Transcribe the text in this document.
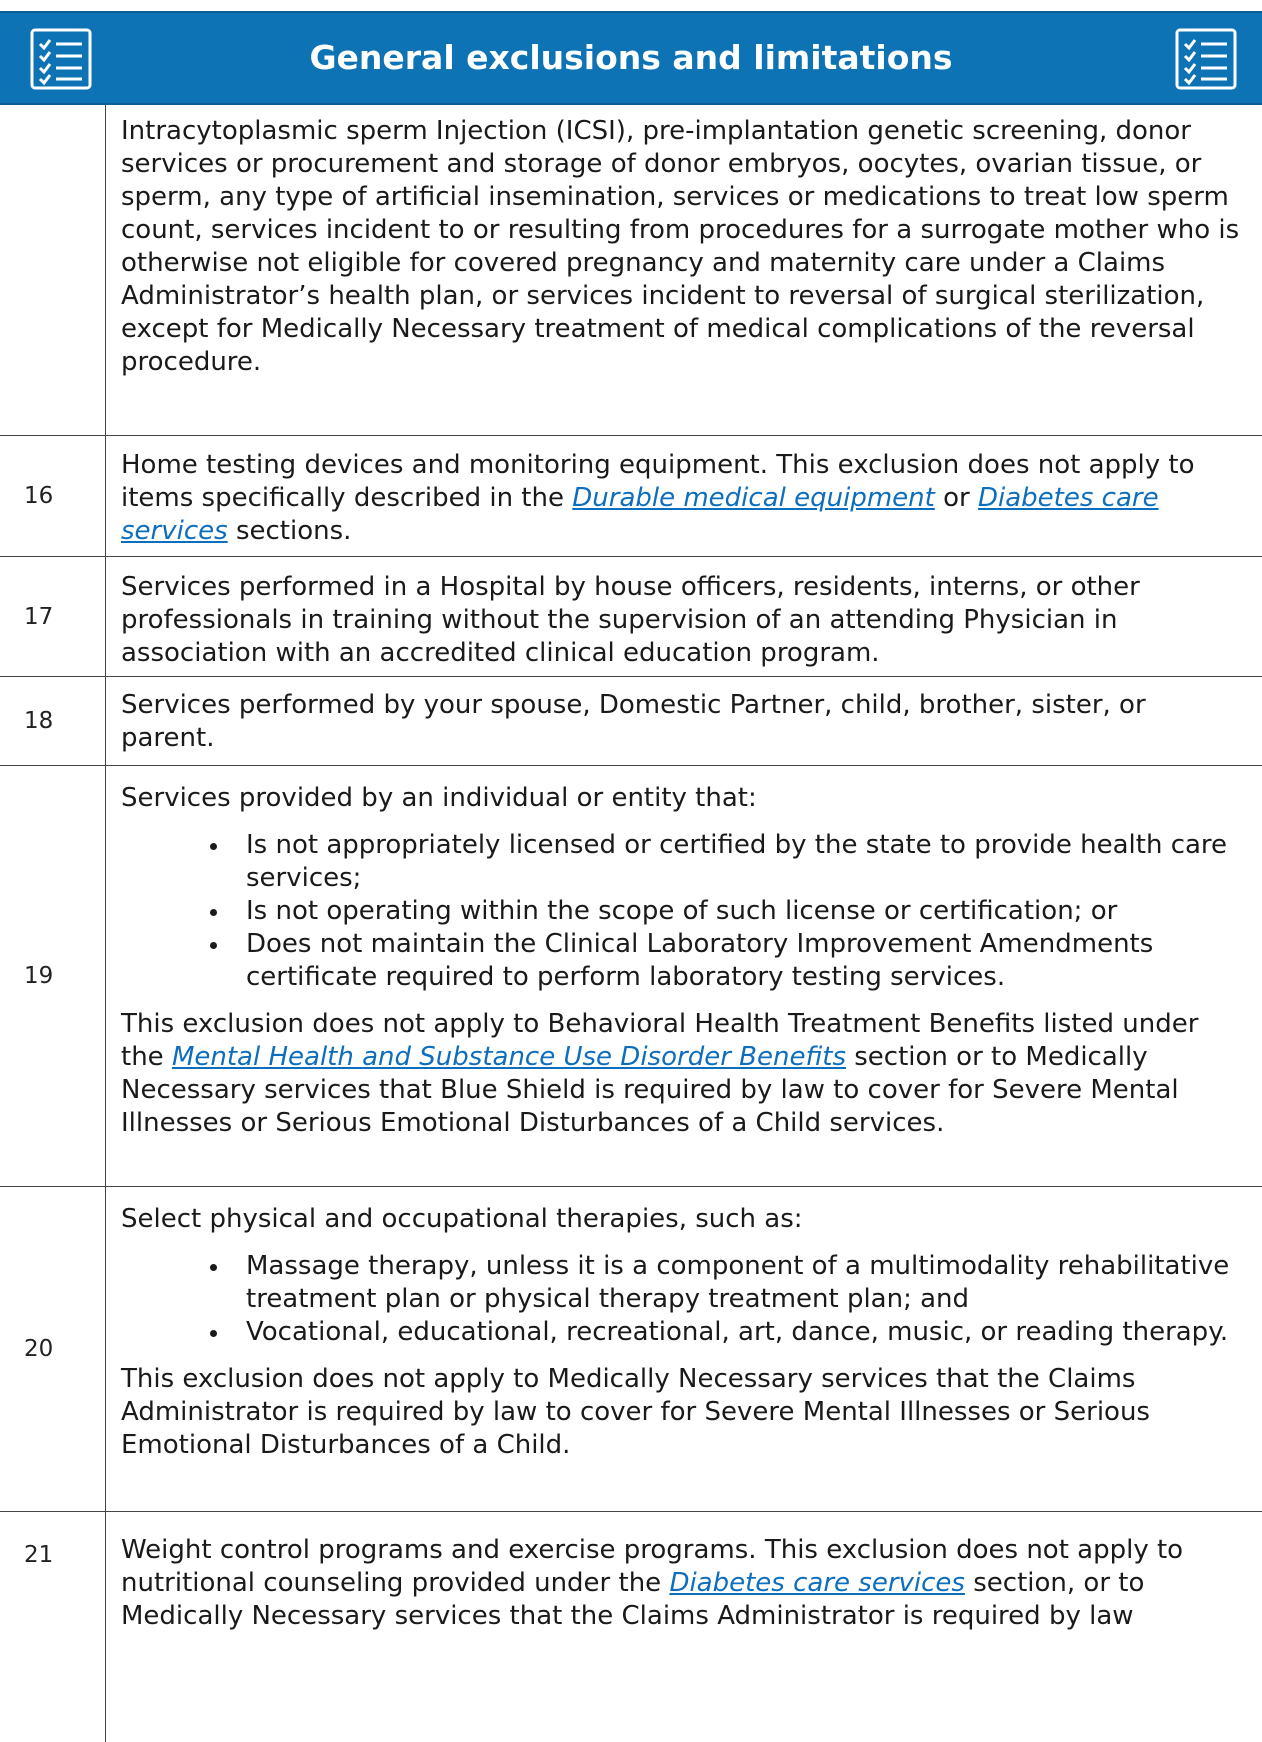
General exclusions and limitations

Intracytoplasmic sperm Injection (ICSI), pre-implantation genetic screening, donor services or procurement and storage of donor embryos, oocytes, ovarian tissue, or sperm, any type of artificial insemination, services or medications to treat low sperm count, services incident to or resulting from procedures for a surrogate mother who is otherwise not eligible for covered pregnancy and maternity care under a Claims Administrator’s health plan, or services incident to reversal of surgical sterilization, except for Medically Necessary treatment of medical complications of the reversal procedure.

16

Home testing devices and monitoring equipment. This exclusion does not apply to items specifically described in the Durable medical equipment or Diabetes care services sections.

17

Services performed in a Hospital by house officers, residents, interns, or other professionals in training without the supervision of an attending Physician in association with an accredited clinical education program.

18

Services performed by your spouse, Domestic Partner, child, brother, sister, or parent.

19

Services provided by an individual or entity that:

Is not appropriately licensed or certified by the state to provide health care services;
Is not operating within the scope of such license or certification; or
Does not maintain the Clinical Laboratory Improvement Amendments certificate required to perform laboratory testing services.

This exclusion does not apply to Behavioral Health Treatment Benefits listed under the Mental Health and Substance Use Disorder Benefits section or to Medically Necessary services that Blue Shield is required by law to cover for Severe Mental Illnesses or Serious Emotional Disturbances of a Child services.

20

Select physical and occupational therapies, such as:

Massage therapy, unless it is a component of a multimodality rehabilitative treatment plan or physical therapy treatment plan; and
Vocational, educational, recreational, art, dance, music, or reading therapy.

This exclusion does not apply to Medically Necessary services that the Claims Administrator is required by law to cover for Severe Mental Illnesses or Serious Emotional Disturbances of a Child.

21	Weight control programs and exercise programs. This exclusion does not apply to nutritional counseling provided under the Diabetes care services section, or to Medically Necessary services that the Claims Administrator is required by law
